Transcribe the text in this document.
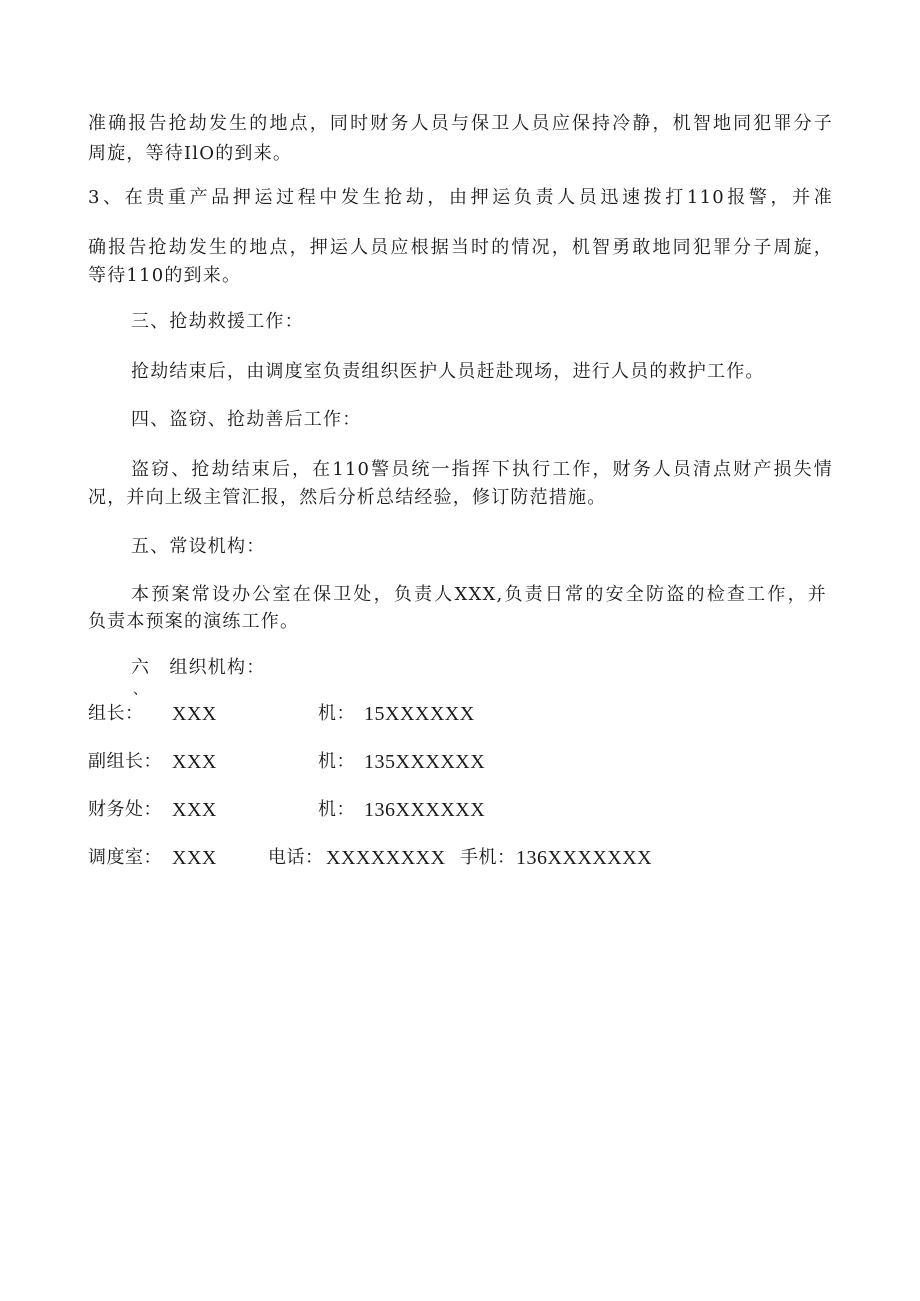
准确报告抢劫发生的地点，同时财务人员与保卫人员应保持冷静，机智地同犯罪分子
周旋，等待IlO的到来。
3、在贵重产品押运过程中发生抢劫，由押运负责人员迅速拨打110报警，并准
确报告抢劫发生的地点，押运人员应根据当时的情况，机智勇敢地同犯罪分子周旋，
等待110的到来。
三、抢劫救援工作：
抢劫结束后，由调度室负责组织医护人员赶赴现场，进行人员的救护工作。
四、盗窃、抢劫善后工作：
盗窃、抢劫结束后，在110警员统一指挥下执行工作，财务人员清点财产损失情
况，并向上级主管汇报，然后分析总结经验，修订防范措施。
五、常设机构：
本预案常设办公室在保卫处，负责人XXX,负责日常的安全防盗的检查工作，并
负责本预案的演练工作。
六　组织机构：
、
组长： XXX	机： 15XXXXXX
副组长： XXX	机： 135XXXXXX
财务处： XXX	机： 136XXXXXX
调度室： XXX	电话： XXXXXXXX 手机： 136XXXXXXX
